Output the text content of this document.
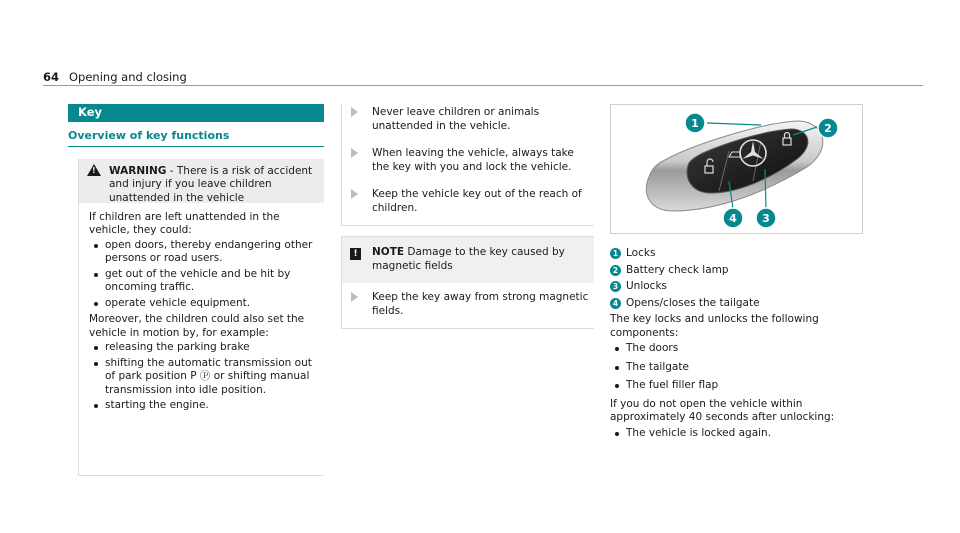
64 Opening and closing
Key
Overview of key functions
!
WARNING - There is a risk of accident and injury if you leave children unattended in the vehicle

If children are left unattended in the vehicle, they could:

open doors, thereby endangering other persons or road users.
get out of the vehicle and be hit by oncoming traffic.
operate vehicle equipment.

Moreover, the children could also set the vehicle in motion by, for example:

releasing the parking brake
shifting the automatic transmission out of park position P Ⓟ or shifting manual transmission into idle position.
starting the engine.
Never leave children or animals unattended in the vehicle.
When leaving the vehicle, always take the key with you and lock the vehicle.
Keep the vehicle key out of the reach of children.
!	NOTE Damage to the key caused by magnetic fields
Keep the key away from strong magnetic fields.
1	2
3
4
1 Locks
2 Battery check lamp
3 Unlocks
4 Opens/closes the tailgate

The key locks and unlocks the following components:

The doors
The tailgate
The fuel filler flap

If you do not open the vehicle within approximately 40 seconds after unlocking:

The vehicle is locked again.
